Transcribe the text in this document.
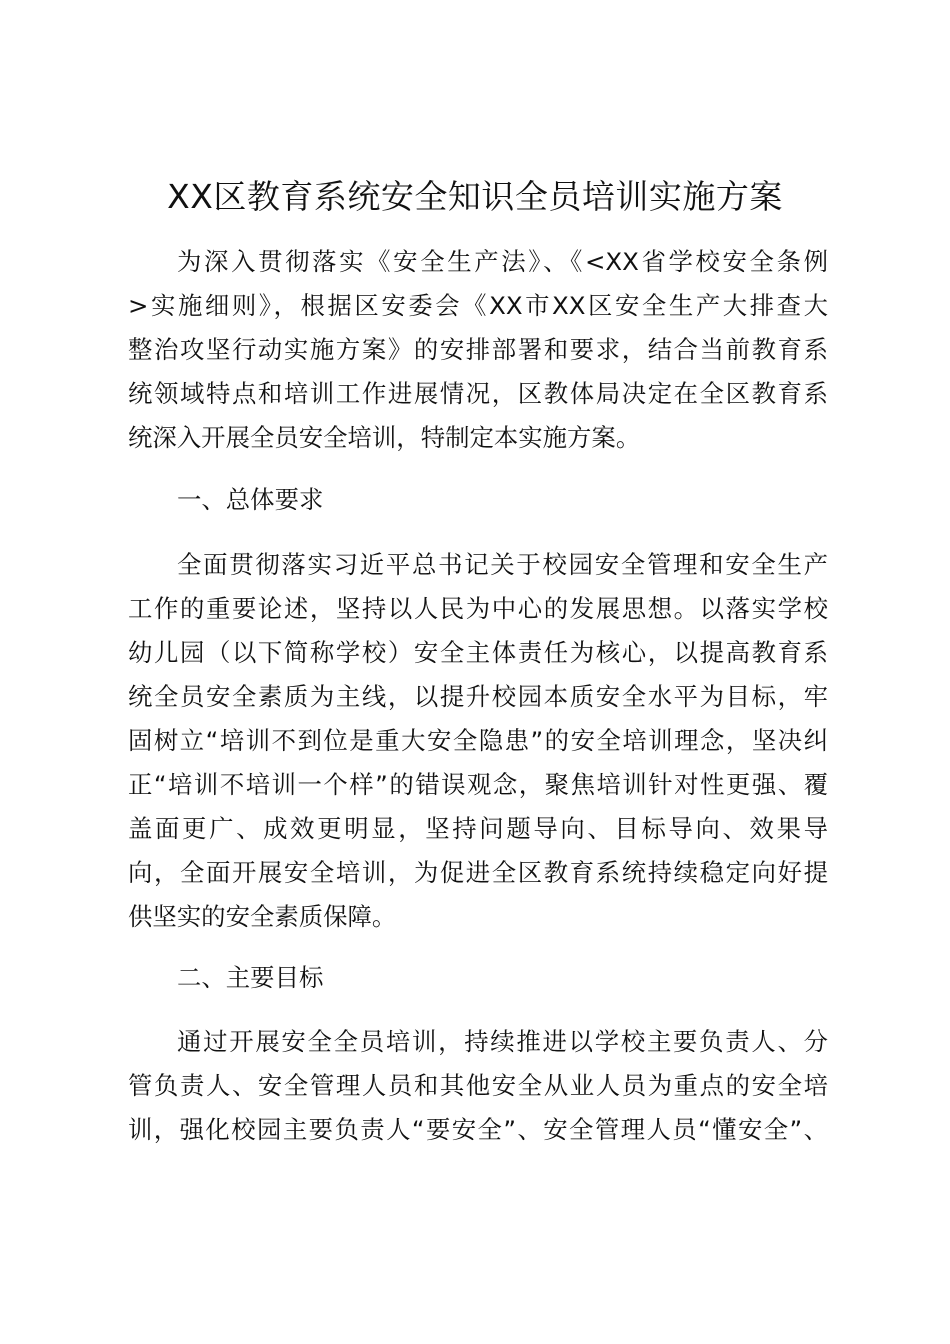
XX区教育系统安全知识全员培训实施方案
为深入贯彻落实《安全生产法》、《<XX省学校安全条例
>实施细则》，根据区安委会《XX市XX区安全生产大排查大
整治攻坚行动实施方案》的安排部署和要求，结合当前教育系
统领域特点和培训工作进展情况，区教体局决定在全区教育系
统深入开展全员安全培训，特制定本实施方案。
一、总体要求
全面贯彻落实习近平总书记关于校园安全管理和安全生产
工作的重要论述，坚持以人民为中心的发展思想。以落实学校
幼儿园（以下简称学校）安全主体责任为核心，以提高教育系
统全员安全素质为主线，以提升校园本质安全水平为目标，牢
固树立“培训不到位是重大安全隐患”的安全培训理念，坚决纠
正“培训不培训一个样”的错误观念，聚焦培训针对性更强、覆
盖面更广、成效更明显，坚持问题导向、目标导向、效果导
向，全面开展安全培训，为促进全区教育系统持续稳定向好提
供坚实的安全素质保障。
二、主要目标
通过开展安全全员培训，持续推进以学校主要负责人、分
管负责人、安全管理人员和其他安全从业人员为重点的安全培
训，强化校园主要负责人“要安全”、安全管理人员“懂安全”、
